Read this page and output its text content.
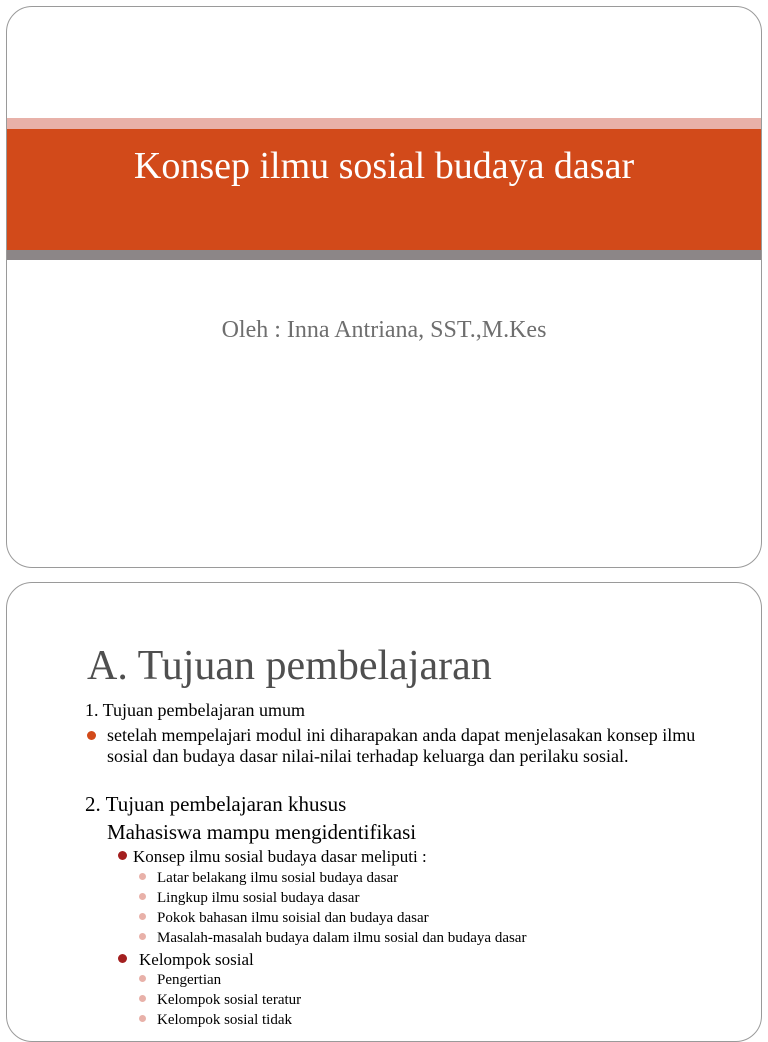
Konsep ilmu sosial budaya dasar

Oleh : Inna Antriana, SST.,M.Kes

A. Tujuan pembelajaran

1. Tujuan pembelajaran umum

setelah mempelajari modul ini diharapakan anda dapat menjelasakan konsep ilmu sosial dan budaya dasar nilai-nilai terhadap keluarga dan perilaku sosial.

2. Tujuan pembelajaran khusus

Mahasiswa mampu mengidentifikasi

Konsep ilmu sosial budaya dasar meliputi :

Latar belakang ilmu sosial budaya dasar

Lingkup ilmu sosial budaya dasar

Pokok bahasan ilmu soisial dan budaya dasar

Masalah-masalah budaya dalam ilmu sosial dan budaya dasar

Kelompok sosial

Pengertian

Kelompok sosial teratur

Kelompok sosial tidak
